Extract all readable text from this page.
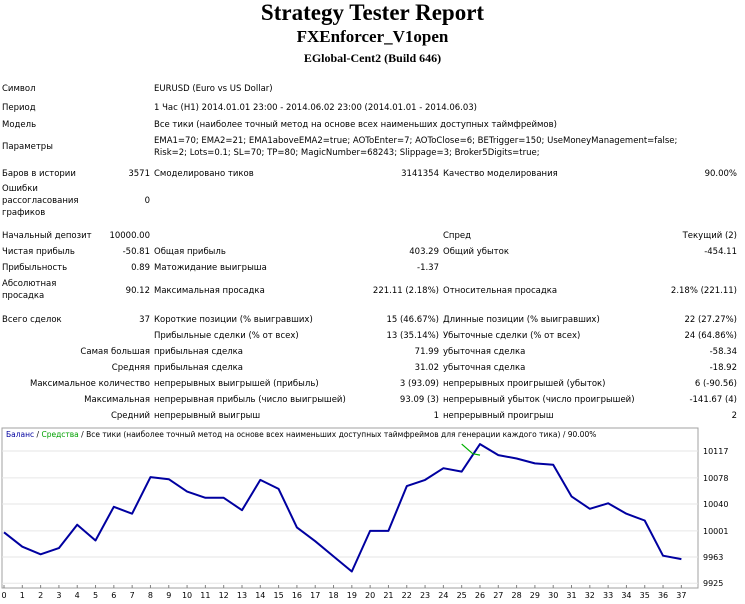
Strategy Tester Report
FXEnforcer_V1open
EGlobal-Cent2 (Build 646)
Символ	EURUSD (Euro vs US Dollar)
Период	1 Час (H1) 2014.01.01 23:00 - 2014.06.02 23:00 (2014.01.01 - 2014.06.03)
Модель	Все тики (наиболее точный метод на основе всех наименьших доступных таймфреймов)
Параметры
EMA1=70; EMA2=21; EMA1aboveEMA2=true; AOToEnter=7; AOToClose=6; BETrigger=150; UseMoneyManagement=false;
Risk=2; Lots=0.1; SL=70; TP=80; MagicNumber=68243; Slippage=3; Broker5Digits=true;
Баров в истории	3571 Смоделировано тиков	3141354 Качество моделирования	90.00%
Ошибки
рассогласования
графиков
0
Начальный депозит	10000.00	Спред	Текущий (2)
Чистая прибыль	-50.81 Общая прибыль	403.29 Общий убыток	-454.11
Прибыльность	0.89 Матожидание выигрыша	-1.37
Абсолютная
просадка	90.12 Максимальная просадка	221.11 (2.18%) Относительная просадка	2.18% (221.11)
Всего сделок	37 Короткие позиции (% выигравших)	15 (46.67%) Длинные позиции (% выигравших)	22 (27.27%)
Прибыльные сделки (% от всех)	13 (35.14%) Убыточные сделки (% от всех)	24 (64.86%)
Самая большая прибыльная сделка	71.99 убыточная сделка	-58.34
Средняя прибыльная сделка	31.02 убыточная сделка	-18.92
Максимальное количество непрерывных выигрышей (прибыль)	3 (93.09) непрерывных проигрышей (убыток)	6 (-90.56)
Максимальная непрерывная прибыль (число выигрышей)	93.09 (3) непрерывный убыток (число проигрышей)	-141.67 (4)
Средний непрерывный выигрыш	1 непрерывный проигрыш	2
0 1 2 3 4 5 6 7 8 9 10 11 12 13 14 15 16 17 18 19 20 21 22 23 24 25 26 27 28 29 30 31 32 33 34 35 36 37
10117
10078
10040
10001
9963
9925
Баланс / Средства / Все тики (наиболее точный метод на основе всех наименьших доступных таймфреймов для генерации каждого тика) / 90.00%
